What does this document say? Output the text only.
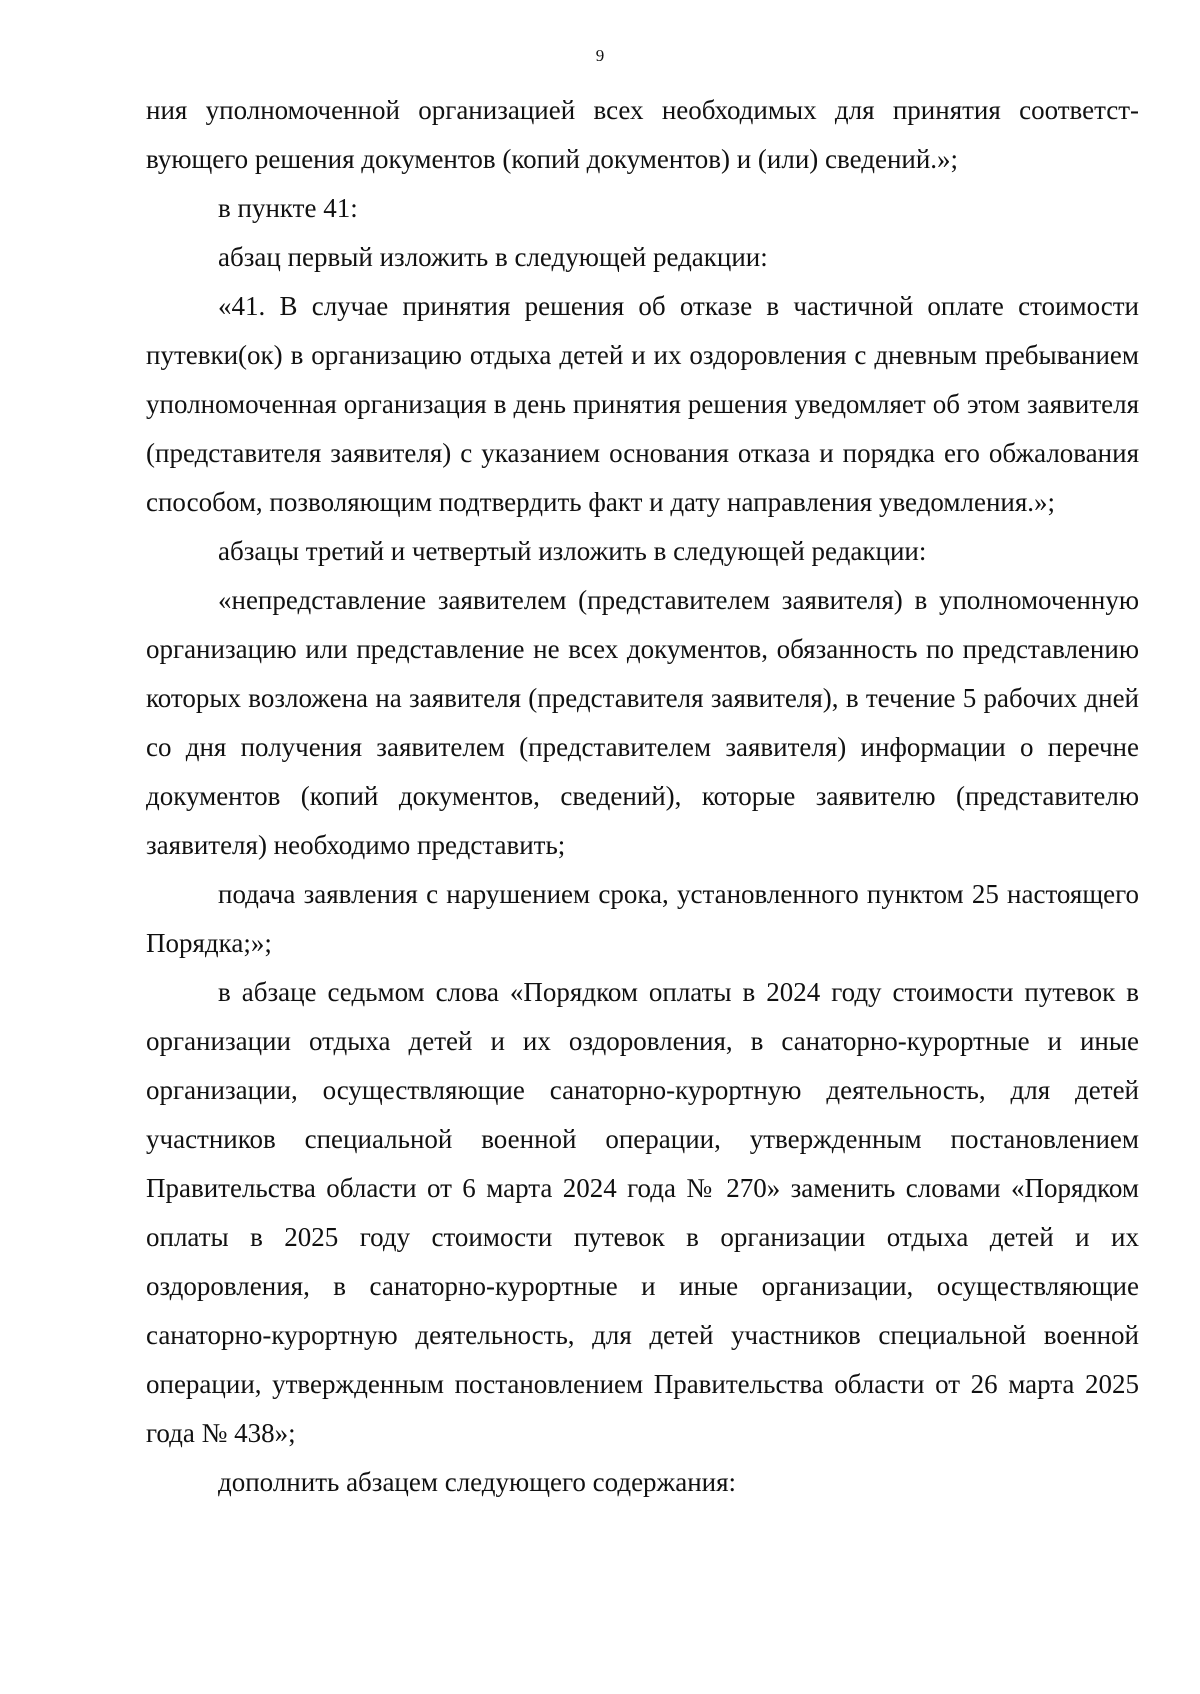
9

ния уполномоченной организацией всех необходимых для принятия соответст-вующего решения документов (копий документов) и (или) сведений.»;

в пункте 41:

абзац первый изложить в следующей редакции:

«41. В случае принятия решения об отказе в частичной оплате стоимости путевки(ок) в организацию отдыха детей и их оздоровления с дневным пребыванием уполномоченная организация в день принятия решения уведомляет об этом заявителя (представителя заявителя) с указанием основания отказа и порядка его обжалования способом, позволяющим подтвердить факт и дату направления уведомления.»;

абзацы третий и четвертый изложить в следующей редакции:

«непредставление заявителем (представителем заявителя) в уполномоченную организацию или представление не всех документов, обязанность по представлению которых возложена на заявителя (представителя заявителя), в течение 5 рабочих дней со дня получения заявителем (представителем заявителя) информации о перечне документов (копий документов, сведений), которые заявителю (представителю заявителя) необходимо представить;

подача заявления с нарушением срока, установленного пунктом 25 настоящего Порядка;»;

в абзаце седьмом слова «Порядком оплаты в 2024 году стоимости путевок в организации отдыха детей и их оздоровления, в санаторно-курортные и иные организации, осуществляющие санаторно-курортную деятельность, для детей участников специальной военной операции, утвержденным постановлением Правительства области от 6 марта 2024 года № 270» заменить словами «Порядком оплаты в 2025 году стоимости путевок в организации отдыха детей и их оздоровления, в санаторно-курортные и иные организации, осуществляющие санаторно-курортную деятельность, для детей участников специальной военной операции, утвержденным постановлением Правительства области от 26 марта 2025 года № 438»;

дополнить абзацем следующего содержания:
